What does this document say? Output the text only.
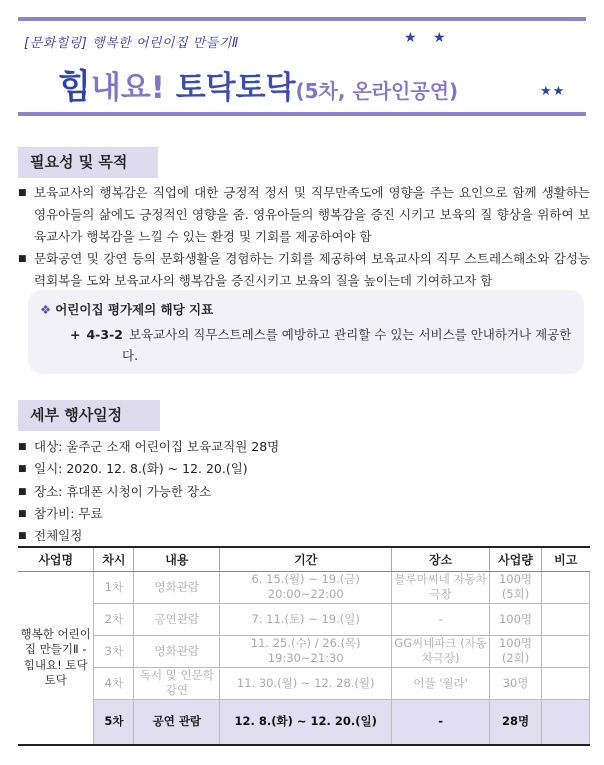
[문화힐링] 행복한 어린이집 만들기Ⅱ	★ ★
힘내요! 토닥토닥(5차, 온라인공연)	★★
필요성 및 목적
■ 보육교사의 행복감은 직업에 대한 긍정적 정서 및 직무만족도에 영향을 주는 요인으로 함께 생활하는 영유아들의 삶에도 긍정적인 영향을 줌. 영유아들의 행복감을 증진 시키고 보육의 질 향상을 위하여 보육교사가 행복감을 느낄 수 있는 환경 및 기회를 제공하여야 함
■ 문화공연 및 강연 등의 문화생활을 경험하는 기회를 제공하여 보육교사의 직무 스트레스해소와 감성능력회복을 도와 보육교사의 행복감을 증진시키고 보육의 질을 높이는데 기여하고자 함
❖ 어린이집 평가제의 해당 지표
+ 4-3-2 보육교사의 직무스트레스를 예방하고 관리할 수 있는 서비스를 안내하거나 제공한다.
세부 행사일정
■ 대상: 울주군 소재 어린이집 보육교직원 28명
■ 일시: 2020. 12. 8.(화) ~ 12. 20.(일)
■ 장소: 휴대폰 시청이 가능한 장소
■ 참가비: 무료
■ 전체일정
사업명	차시	내용	기간	장소	사업량	비고
행복한 어린이집 만들기Ⅱ -힘내요! 토닥토닥	1차	영화관람	6. 15.(월) ~ 19.(금) 20:00~22:00	블루마씨네 자동차극장	100명 (5회)	
	2차	공연관람	7. 11.(토) ~ 19.(일)	-	100명	
	3차	영화관람	11. 25.(수) / 26.(목) 19:30~21:30	GG씨네파크 (자동차극장)	100명 (2회)	
	4차	독서 및 인문학 강연	11. 30.(월) ~ 12. 28.(월)	어플 '윌라'	30명	
	5차	공연 관람	12. 8.(화) ~ 12. 20.(일)	-	28명	
